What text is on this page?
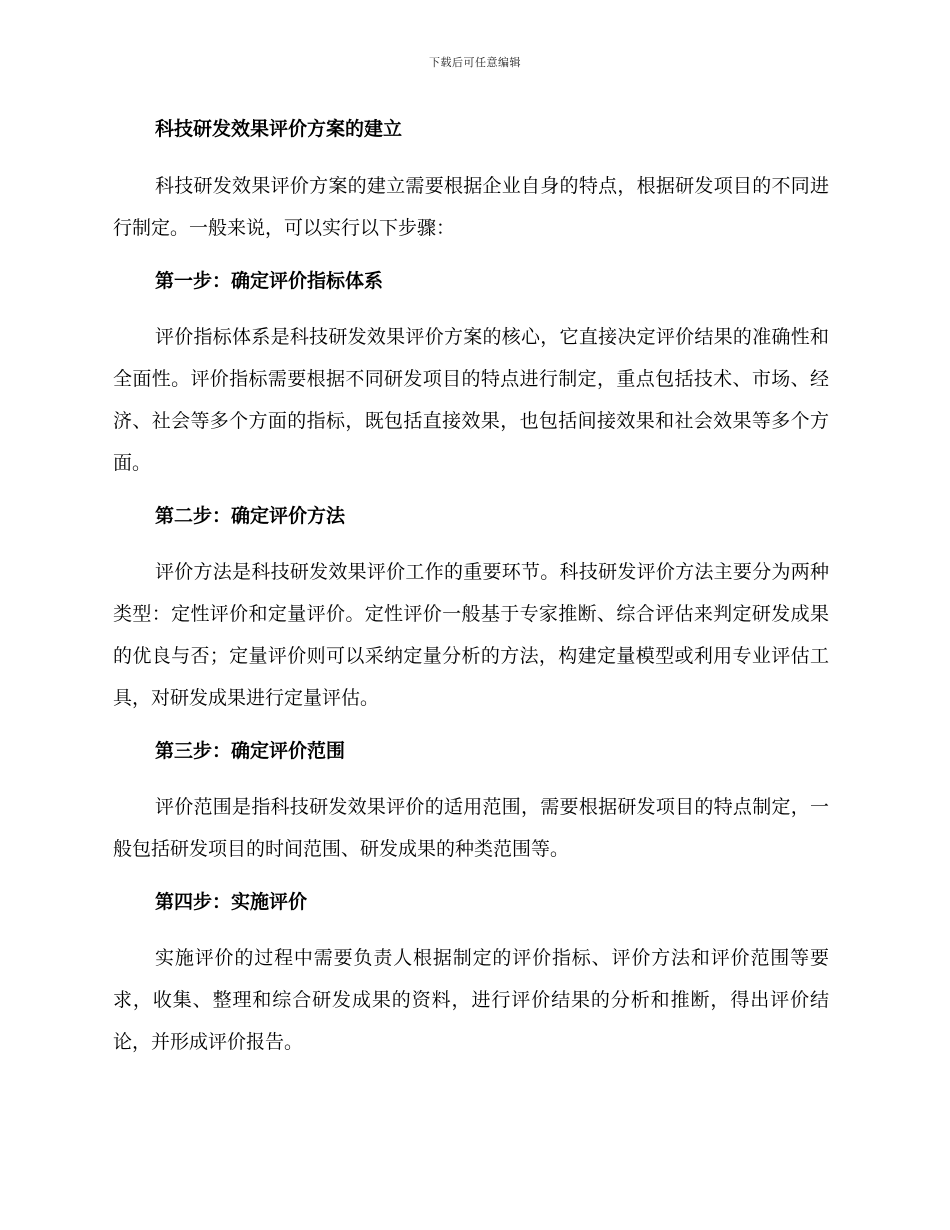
下载后可任意编辑
科技研发效果评价方案的建立

科技研发效果评价方案的建立需要根据企业自身的特点，根据研发项目的不同进行制定。一般来说，可以实行以下步骤：

第一步：确定评价指标体系

评价指标体系是科技研发效果评价方案的核心，它直接决定评价结果的准确性和全面性。评价指标需要根据不同研发项目的特点进行制定，重点包括技术、市场、经济、社会等多个方面的指标，既包括直接效果，也包括间接效果和社会效果等多个方面。

第二步：确定评价方法

评价方法是科技研发效果评价工作的重要环节。科技研发评价方法主要分为两种类型：定性评价和定量评价。定性评价一般基于专家推断、综合评估来判定研发成果的优良与否；定量评价则可以采纳定量分析的方法，构建定量模型或利用专业评估工具，对研发成果进行定量评估。

第三步：确定评价范围

评价范围是指科技研发效果评价的适用范围，需要根据研发项目的特点制定，一般包括研发项目的时间范围、研发成果的种类范围等。

第四步：实施评价

实施评价的过程中需要负责人根据制定的评价指标、评价方法和评价范围等要求，收集、整理和综合研发成果的资料，进行评价结果的分析和推断，得出评价结论，并形成评价报告。
